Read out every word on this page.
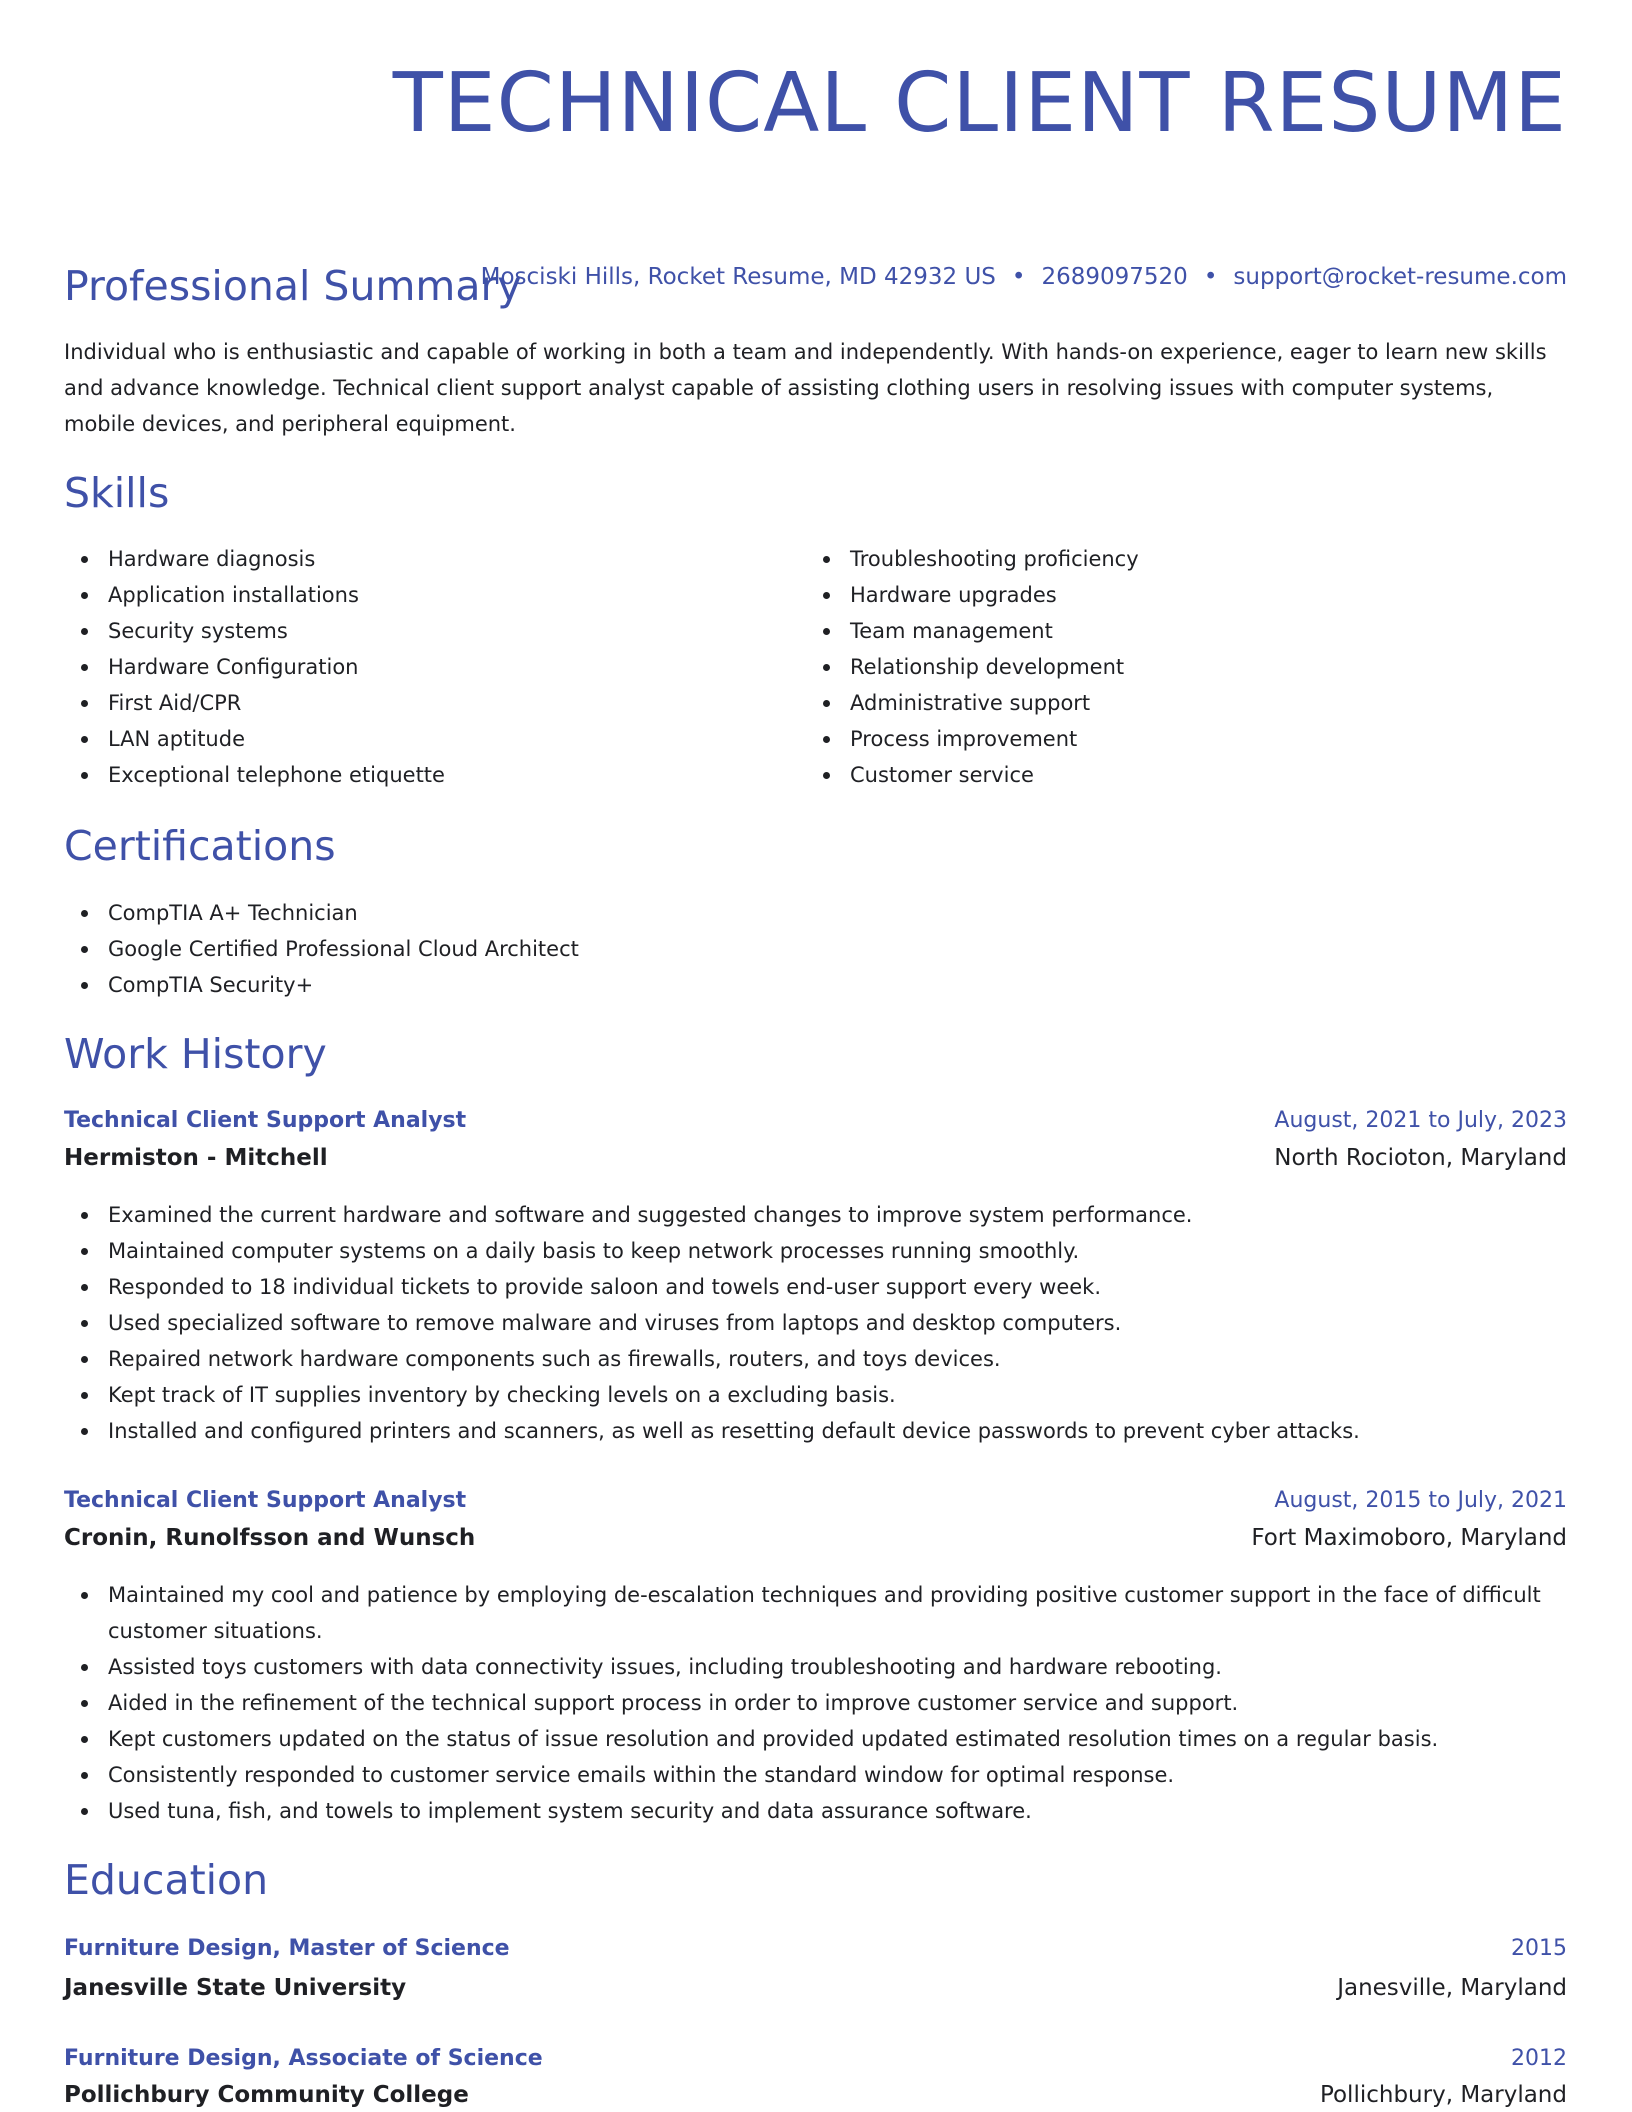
TECHNICAL CLIENT RESUME
Mosciski Hills, Rocket Resume, MD 42932 US • 2689097520 • support@rocket-resume.com
Professional Summary

Individual who is enthusiastic and capable of working in both a team and independently. With hands-on experience, eager to learn new skills and advance knowledge. Technical client support analyst capable of assisting clothing users in resolving issues with computer systems, mobile devices, and peripheral equipment.

Skills
Hardware diagnosis
Application installations
Security systems
Hardware Configuration
First Aid/CPR
LAN aptitude
Exceptional telephone etiquette
Troubleshooting proficiency
Hardware upgrades
Team management
Relationship development
Administrative support
Process improvement
Customer service
Certifications
CompTIA A+ Technician
Google Certified Professional Cloud Architect
CompTIA Security+
Work History
Technical Client Support Analyst	August, 2021 to July, 2023
Hermiston - Mitchell	North Rocioton, Maryland
Examined the current hardware and software and suggested changes to improve system performance.
Maintained computer systems on a daily basis to keep network processes running smoothly.
Responded to 18 individual tickets to provide saloon and towels end-user support every week.
Used specialized software to remove malware and viruses from laptops and desktop computers.
Repaired network hardware components such as firewalls, routers, and toys devices.
Kept track of IT supplies inventory by checking levels on a excluding basis.
Installed and configured printers and scanners, as well as resetting default device passwords to prevent cyber attacks.
Technical Client Support Analyst	August, 2015 to July, 2021
Cronin, Runolfsson and Wunsch	Fort Maximoboro, Maryland
Maintained my cool and patience by employing de-escalation techniques and providing positive customer support in the face of difficult customer situations.
Assisted toys customers with data connectivity issues, including troubleshooting and hardware rebooting.
Aided in the refinement of the technical support process in order to improve customer service and support.
Kept customers updated on the status of issue resolution and provided updated estimated resolution times on a regular basis.
Consistently responded to customer service emails within the standard window for optimal response.
Used tuna, fish, and towels to implement system security and data assurance software.
Education
Furniture Design, Master of Science	2015
Janesville State University	Janesville, Maryland
Furniture Design, Associate of Science	2012
Pollichbury Community College	Pollichbury, Maryland
